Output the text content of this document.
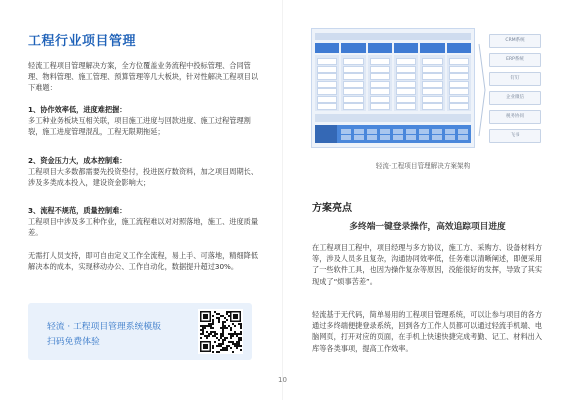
工程行业项目管理
轻流工程项目管理解决方案，全方位覆盖业务流程中投标管理、合同管理、物料管理、施工管理、预算管理等几大板块，针对性解决工程项目以下难题：
1、协作效率低，进度难把握：
多工种业务板块互相关联，项目施工进度与回款进度、施工过程管理割裂，施工进度管理混乱，工程无限期拖延；
2、资金压力大，成本控制难：
工程项目大多数都需要先投资垫付，投进医疗数资料，加之项目周期长、涉及多类成本投入，建设资金影响大；
3、流程不规范，质量控制难：
工程项目中涉及多工种作业，施工流程难以对对照落地，施工、进度质量差。
无需打人员支持，即可自由定义工作全流程，易上手、可落地，精细降低解决本的成本，实现移动办公、工作自动化，数据提升超过30%。
轻流 · 工程项目管理系统模版
扫码免费体验
CRM系统
ERP系统
钉钉
企业微信
税务协同
飞书
轻流·工程项目管理解决方案架构
方案亮点
多终端一键登录操作，高效追踪项目进度
在工程项目工程中，项目经理与多方协议，施工方、采购方、设备材料方等，涉及人员多且复杂，沟通协同效率低，任务难以清晰阐述，即便采用了一些软件工具，也因为操作复杂等原因，没能很好的发挥，导致了其实现成了“烦事苦差”。
轻流基于无代码，简单易用的工程项目管理系统，可以让参与项目的各方通过多终端便捷登录系统，回到各方工作人员都可以通过轻流手机端、电脑网页，打开对应的页面，在手机上快速快捷完成考勤、记工、材料出入库等各类事项，提高工作效率。
10
